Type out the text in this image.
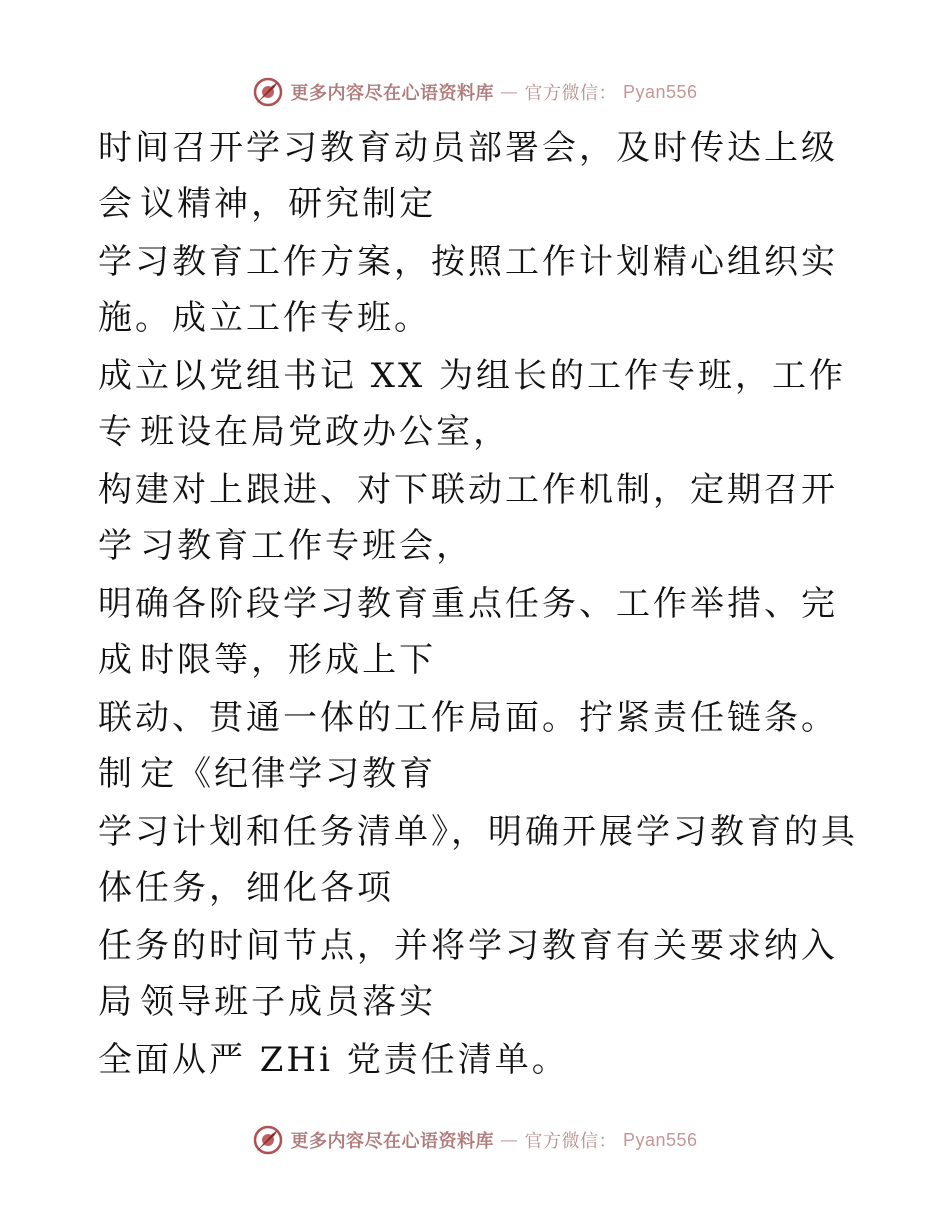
更多内容尽在心语资料库 — 官方微信： Pyan556
时间召开学习教育动员部署会，及时传达上级会 议精神，研究制定
学习教育工作方案，按照工作计划精心组织实 施。成立工作专班。
成立以党组书记 XX 为组长的工作专班，工作专 班设在局党政办公室，
构建对上跟进、对下联动工作机制，定期召开学 习教育工作专班会，
明确各阶段学习教育重点任务、工作举措、完成 时限等，形成上下
联动、贯通一体的工作局面。拧紧责任链条。制 定《纪律学习教育
学习计划和任务清单》，明确开展学习教育的具 体任务，细化各项
任务的时间节点，并将学习教育有关要求纳入局 领导班子成员落实
全面从严 ZHi 党责任清单。
更多内容尽在心语资料库 — 官方微信： Pyan556
